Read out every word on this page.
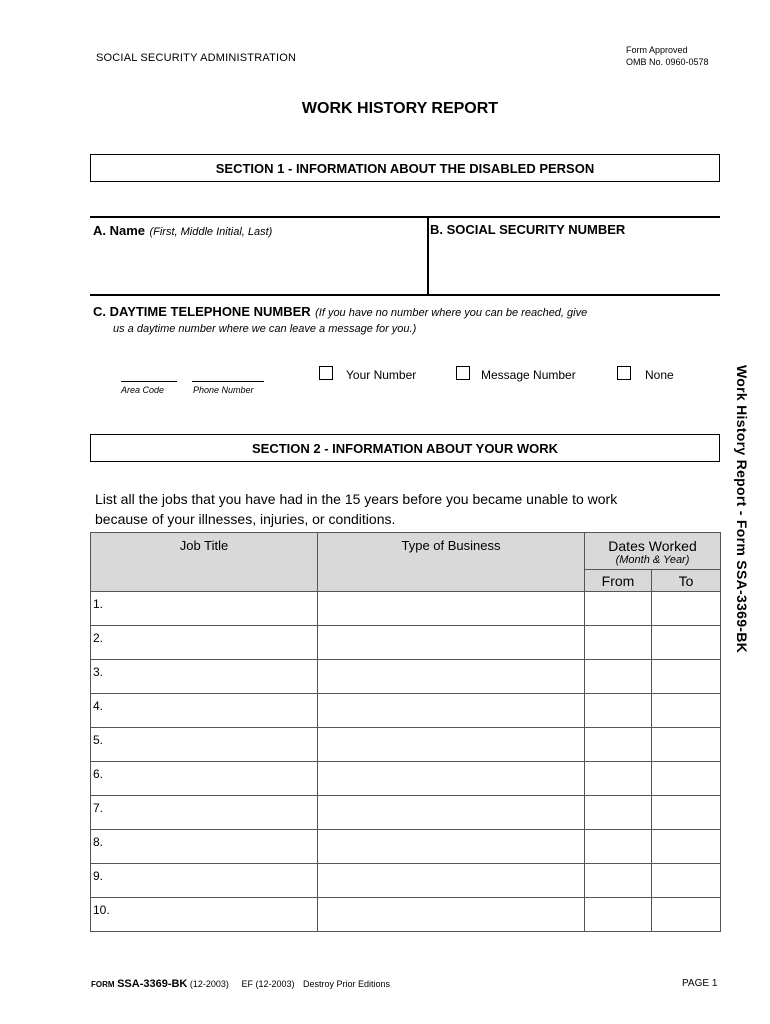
SOCIAL SECURITY ADMINISTRATION
Form Approved
OMB No. 0960-0578
WORK HISTORY REPORT
SECTION 1 - INFORMATION ABOUT THE DISABLED PERSON
A. Name (First, Middle Initial, Last)	B. SOCIAL SECURITY NUMBER
C. DAYTIME TELEPHONE NUMBER (If you have no number where you can be reached, give
us a daytime number where we can leave a message for you.)
Area Code	Phone Number
Your Number	Message Number	None
SECTION 2 - INFORMATION ABOUT YOUR WORK
List all the jobs that you have had in the 15 years before you became unable to work
because of your illnesses, injuries, or conditions.
Job Title	Type of Business	Dates Worked
(Month & Year)	

		From	To

1.			
2.			
3.			
4.			
5.			
6.			
7.			
8.			
9.			
10.			
Work History Report - Form SSA-3369-BK
FORM SSA-3369-BK (12-2003) EF (12-2003) Destroy Prior Editions	PAGE 1
